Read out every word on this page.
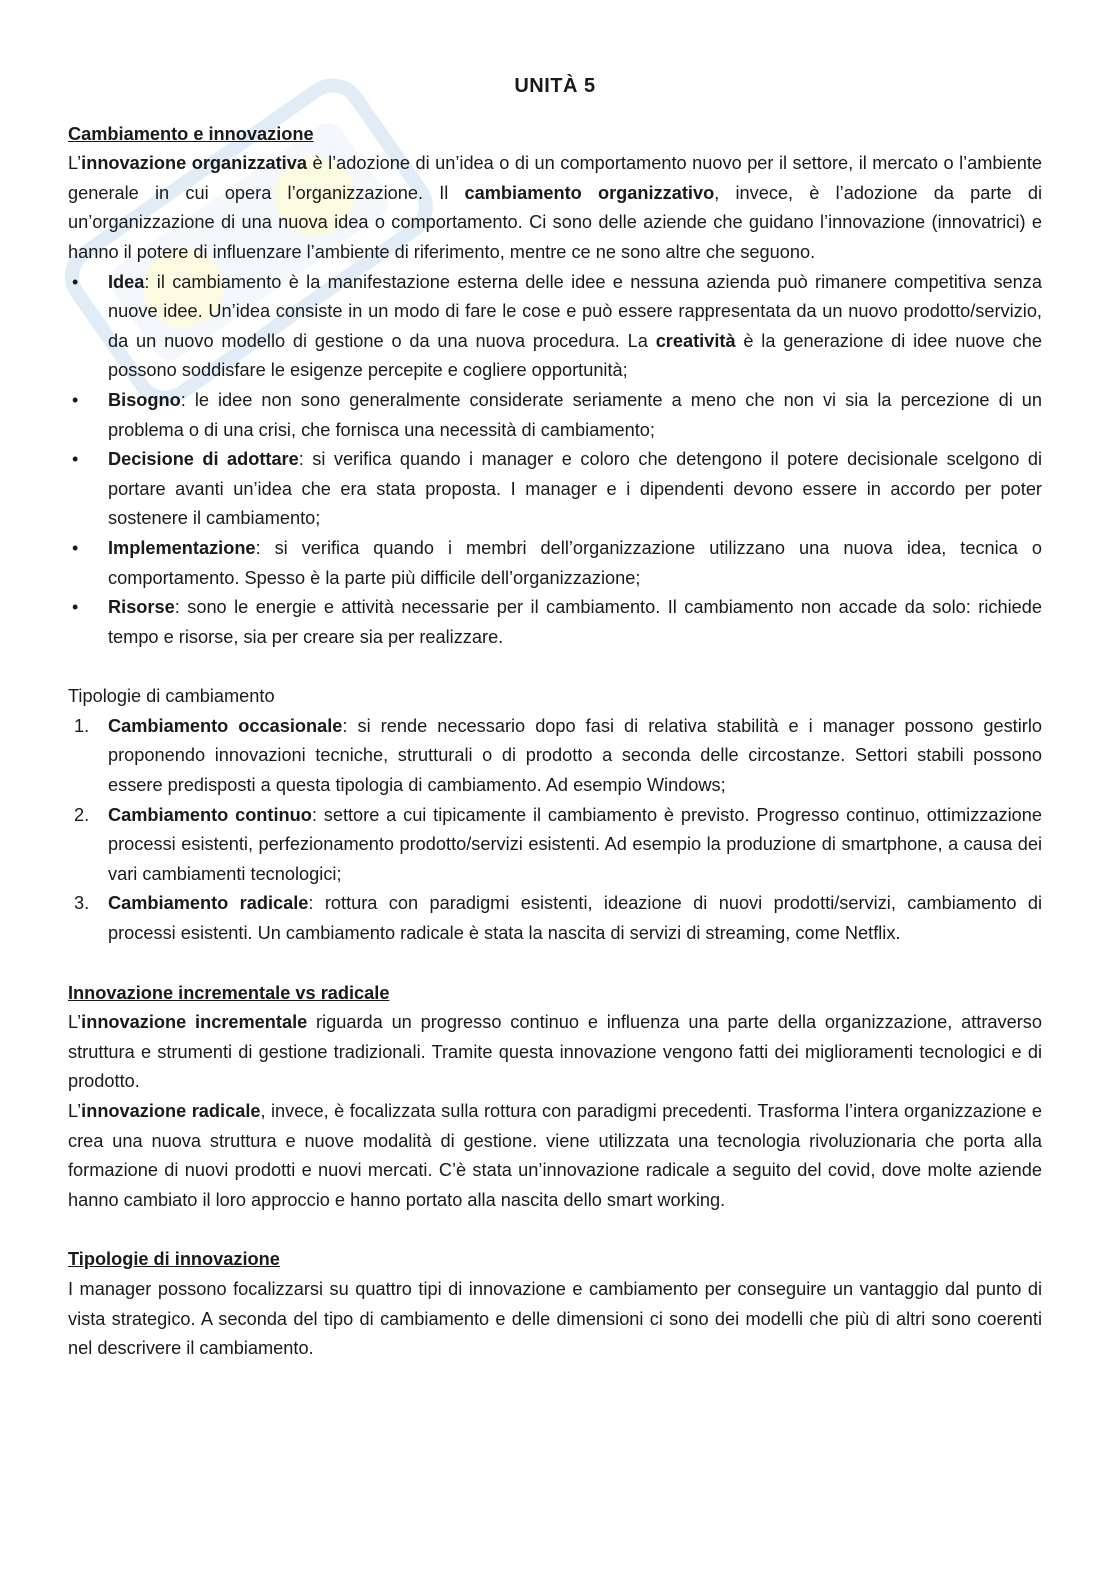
UNITÀ 5

Cambiamento e innovazione

L’innovazione organizzativa è l’adozione di un’idea o di un comportamento nuovo per il settore, il mercato o l’ambiente generale in cui opera l’organizzazione. Il cambiamento organizzativo, invece, è l’adozione da parte di un’organizzazione di una nuova idea o comportamento. Ci sono delle aziende che guidano l’innovazione (innovatrici) e hanno il potere di influenzare l’ambiente di riferimento, mentre ce ne sono altre che seguono.

• Idea: il cambiamento è la manifestazione esterna delle idee e nessuna azienda può rimanere competitiva senza nuove idee. Un’idea consiste in un modo di fare le cose e può essere rappresentata da un nuovo prodotto/servizio, da un nuovo modello di gestione o da una nuova procedura. La creatività è la generazione di idee nuove che possono soddisfare le esigenze percepite e cogliere opportunità;
• Bisogno: le idee non sono generalmente considerate seriamente a meno che non vi sia la percezione di un problema o di una crisi, che fornisca una necessità di cambiamento;
• Decisione di adottare: si verifica quando i manager e coloro che detengono il potere decisionale scelgono di portare avanti un’idea che era stata proposta. I manager e i dipendenti devono essere in accordo per poter sostenere il cambiamento;
• Implementazione: si verifica quando i membri dell’organizzazione utilizzano una nuova idea, tecnica o comportamento. Spesso è la parte più difficile dell’organizzazione;
• Risorse: sono le energie e attività necessarie per il cambiamento. Il cambiamento non accade da solo: richiede tempo e risorse, sia per creare sia per realizzare.

Tipologie di cambiamento

1. Cambiamento occasionale: si rende necessario dopo fasi di relativa stabilità e i manager possono gestirlo proponendo innovazioni tecniche, strutturali o di prodotto a seconda delle circostanze. Settori stabili possono essere predisposti a questa tipologia di cambiamento. Ad esempio Windows;
2. Cambiamento continuo: settore a cui tipicamente il cambiamento è previsto. Progresso continuo, ottimizzazione processi esistenti, perfezionamento prodotto/servizi esistenti. Ad esempio la produzione di smartphone, a causa dei vari cambiamenti tecnologici;
3. Cambiamento radicale: rottura con paradigmi esistenti, ideazione di nuovi prodotti/servizi, cambiamento di processi esistenti. Un cambiamento radicale è stata la nascita di servizi di streaming, come Netflix.

Innovazione incrementale vs radicale

L’innovazione incrementale riguarda un progresso continuo e influenza una parte della organizzazione, attraverso struttura e strumenti di gestione tradizionali. Tramite questa innovazione vengono fatti dei miglioramenti tecnologici e di prodotto.

L’innovazione radicale, invece, è focalizzata sulla rottura con paradigmi precedenti. Trasforma l’intera organizzazione e crea una nuova struttura e nuove modalità di gestione. viene utilizzata una tecnologia rivoluzionaria che porta alla formazione di nuovi prodotti e nuovi mercati. C’è stata un’innovazione radicale a seguito del covid, dove molte aziende hanno cambiato il loro approccio e hanno portato alla nascita dello smart working.

Tipologie di innovazione

I manager possono focalizzarsi su quattro tipi di innovazione e cambiamento per conseguire un vantaggio dal punto di vista strategico. A seconda del tipo di cambiamento e delle dimensioni ci sono dei modelli che più di altri sono coerenti nel descrivere il cambiamento.
